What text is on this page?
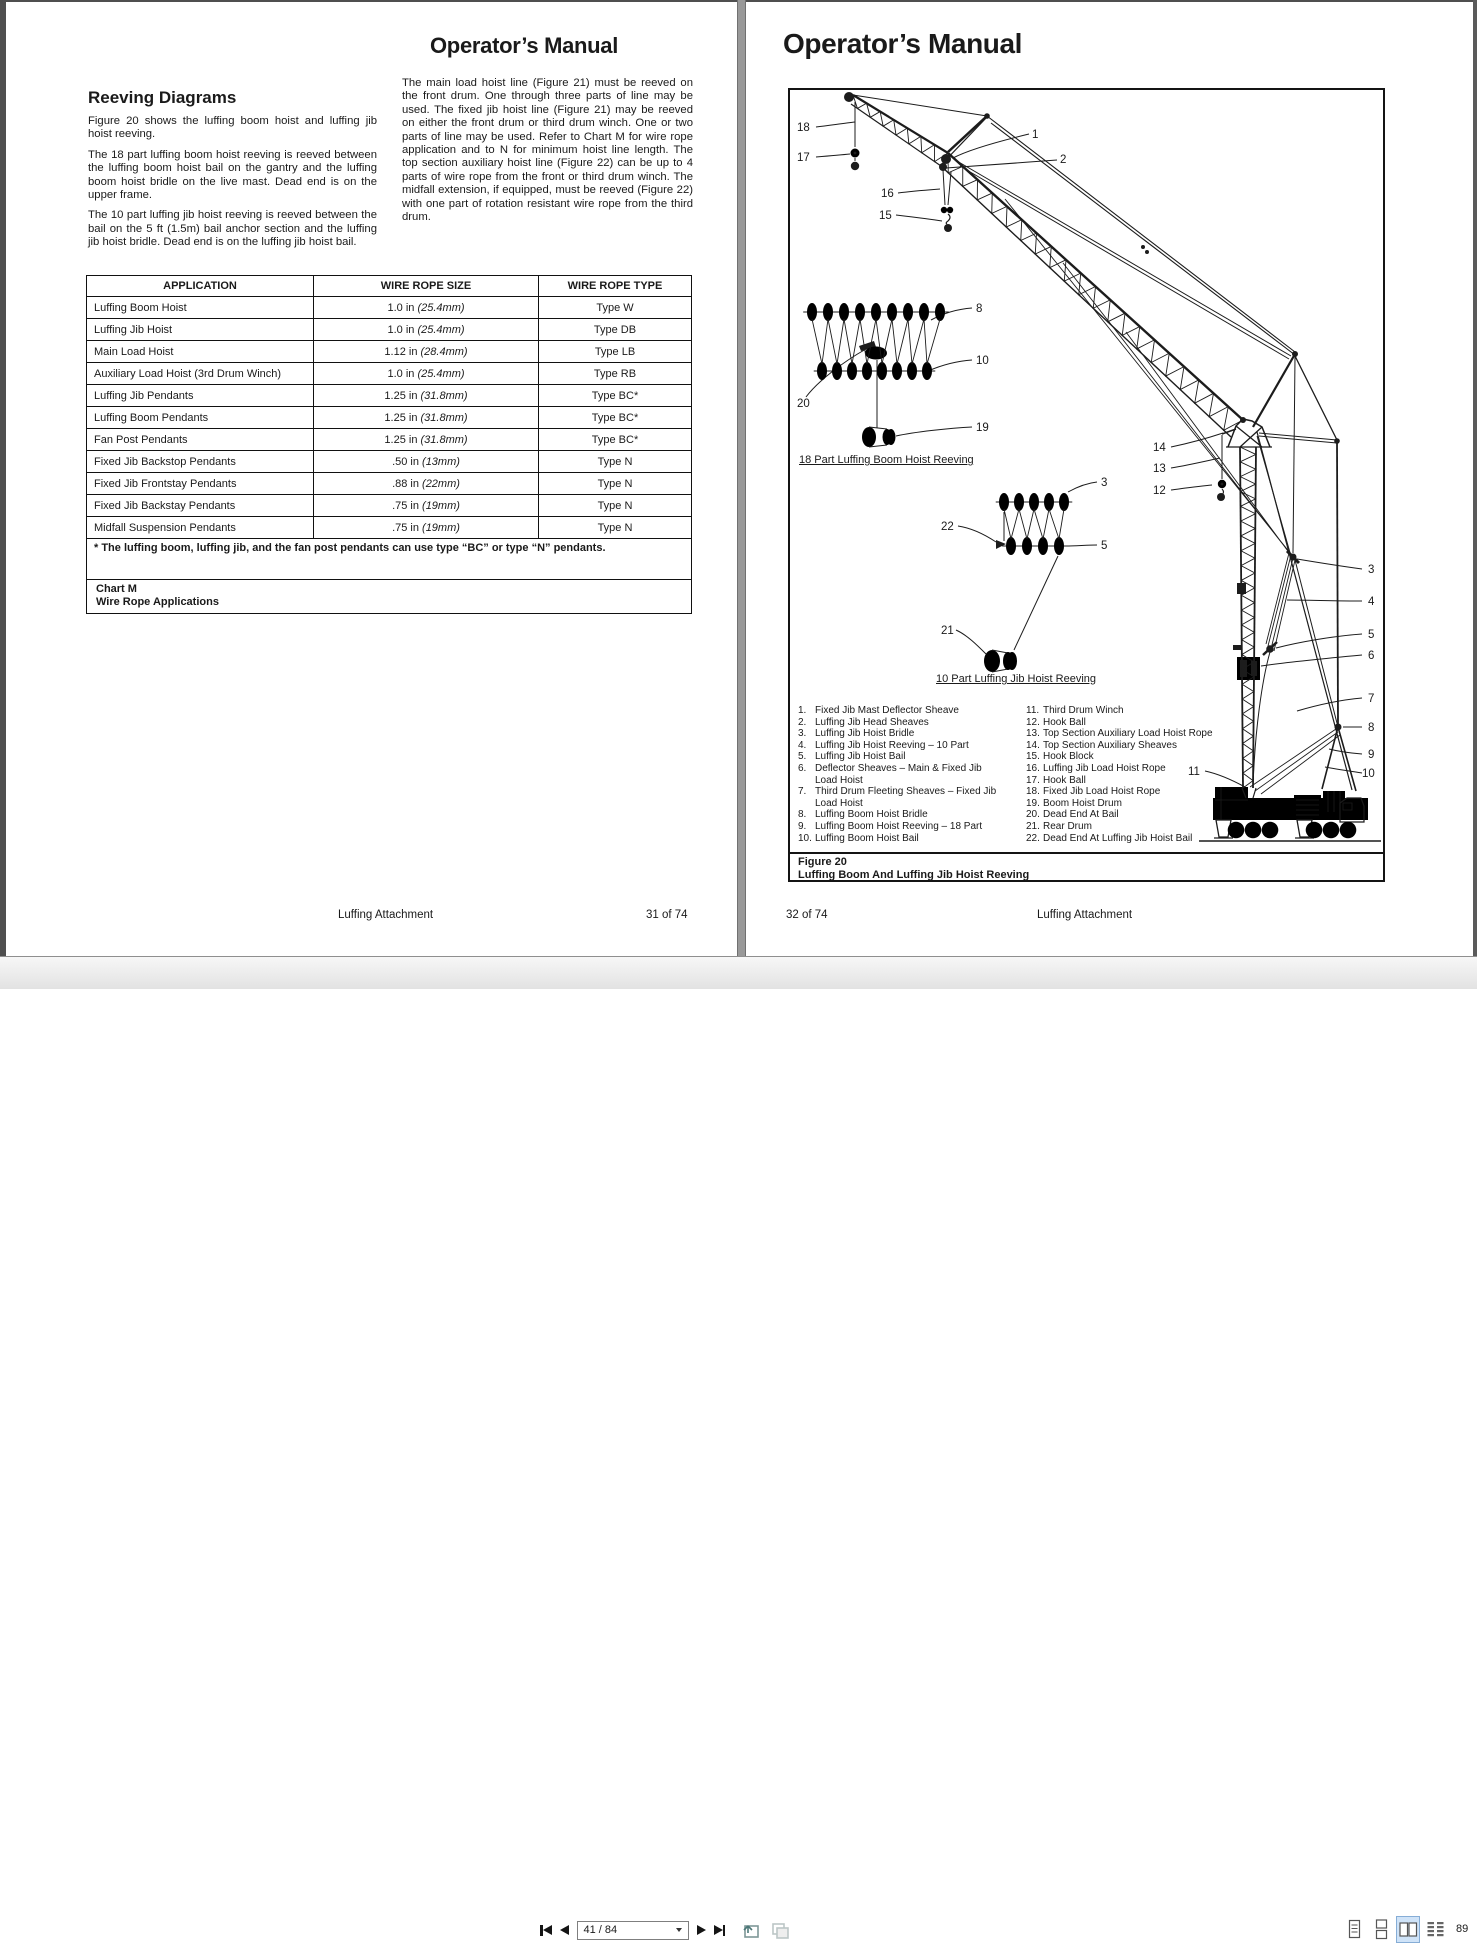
Operator’s Manual
Reeving Diagrams

Figure 20 shows the luffing boom hoist and luffing jib hoist reeving.

The 18 part luffing boom hoist reeving is reeved between the luffing boom hoist bail on the gantry and the luffing boom hoist bridle on the live mast. Dead end is on the upper frame.

The 10 part luffing jib hoist reeving is reeved between the bail on the 5 ft (1.5m) bail anchor section and the luffing jib hoist bridle. Dead end is on the luffing jib hoist bail.

The main load hoist line (Figure 21) must be reeved on the front drum. One through three parts of line may be used. The fixed jib hoist line (Figure 21) may be reeved on either the front drum or third drum winch. One or two parts of line may be used. Refer to Chart M for wire rope application and to N for minimum hoist line length. The top section auxiliary hoist line (Figure 22) can be up to 4 parts of wire rope from the front or third drum winch. The midfall extension, if equipped, must be reeved (Figure 22) with one part of rotation resistant wire rope from the third drum.

APPLICATION	WIRE ROPE SIZE	WIRE ROPE TYPE
Luffing Boom Hoist	1.0 in (25.4mm)	Type W
Luffing Jib Hoist	1.0 in (25.4mm)	Type DB
Main Load Hoist	1.12 in (28.4mm)	Type LB
Auxiliary Load Hoist (3rd Drum Winch)	1.0 in (25.4mm)	Type RB
Luffing Jib Pendants	1.25 in (31.8mm)	Type BC*
Luffing Boom Pendants	1.25 in (31.8mm)	Type BC*
Fan Post Pendants	1.25 in (31.8mm)	Type BC*
Fixed Jib Backstop Pendants	.50 in (13mm)	Type N
Fixed Jib Frontstay Pendants	.88 in (22mm)	Type N
Fixed Jib Backstay Pendants	.75 in (19mm)	Type N
Midfall Suspension Pendants	.75 in (19mm)	Type N
* The luffing boom, luffing jib, and the fan post pendants can use type “BC” or type “N” pendants.		

Chart M
Wire Rope Applications		
Luffing Attachment	31 of 74
Operator’s Manual
18
17
1
2
16
15
8
10
20
19
3
22
5
21
14
13
12
3
4
5
6
7
8
9
10
11
18 Part Luffing Boom Hoist Reeving
10 Part Luffing Jib Hoist Reeving
1. Fixed Jib Mast Deflector Sheave
2. Luffing Jib Head Sheaves
3. Luffing Jib Hoist Bridle
4. Luffing Jib Hoist Reeving – 10 Part
5. Luffing Jib Hoist Bail
6. Deflector Sheaves – Main & Fixed Jib Load Hoist
7. Third Drum Fleeting Sheaves – Fixed Jib Load Hoist
8. Luffing Boom Hoist Bridle
9. Luffing Boom Hoist Reeving – 18 Part
10. Luffing Boom Hoist Bail
11. Third Drum Winch
12. Hook Ball
13. Top Section Auxiliary Load Hoist Rope
14. Top Section Auxiliary Sheaves
15. Hook Block
16. Luffing Jib Load Hoist Rope
17. Hook Ball
18. Fixed Jib Load Hoist Rope
19. Boom Hoist Drum
20. Dead End At Bail
21. Rear Drum
22. Dead End At Luffing Jib Hoist Bail
Figure 20
Luffing Boom And Luffing Jib Hoist Reeving
32 of 74	Luffing Attachment
41 / 84	89
